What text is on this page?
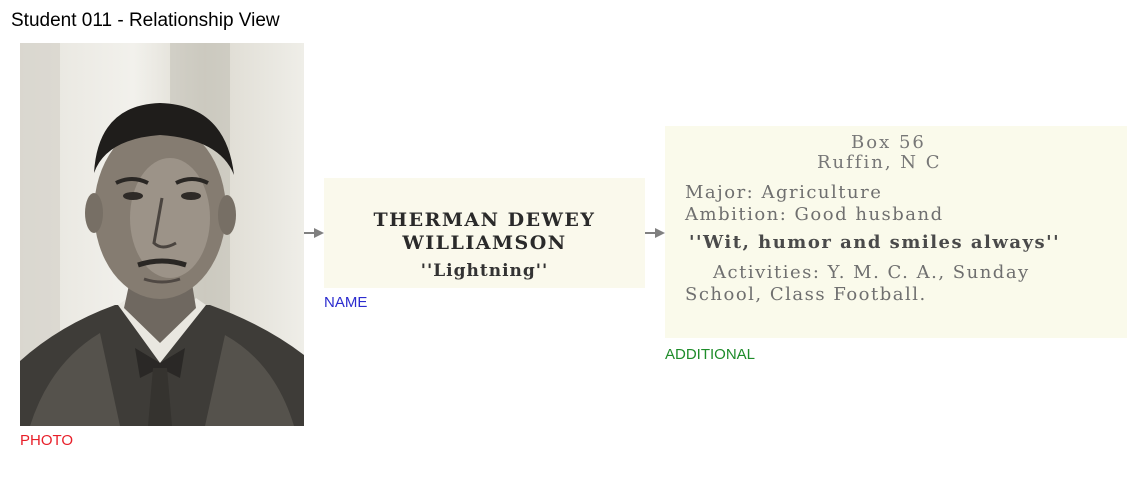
Student 011 - Relationship View
PHOTO
THERMAN DEWEY
WILLIAMSON
''Lightning''
NAME
Box 56
Ruffin, N C
Major: Agriculture
Ambition: Good husband
''Wit, humor and smiles always''
Activities: Y. M. C. A., Sunday
School, Class Football.
ADDITIONAL
